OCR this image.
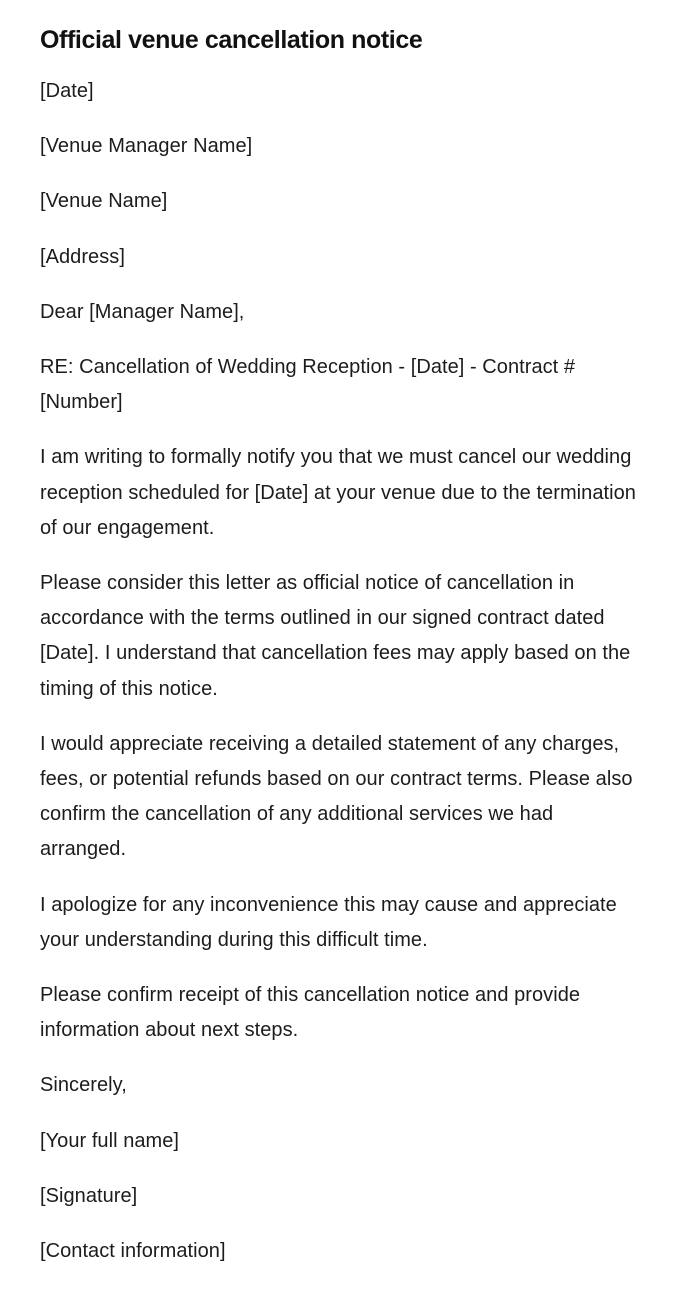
Official venue cancellation notice

[Date]

[Venue Manager Name]

[Venue Name]

[Address]

Dear [Manager Name],

RE: Cancellation of Wedding Reception - [Date] - Contract #[Number]

I am writing to formally notify you that we must cancel our wedding reception scheduled for [Date] at your venue due to the termination of our engagement.

Please consider this letter as official notice of cancellation in accordance with the terms outlined in our signed contract dated [Date]. I understand that cancellation fees may apply based on the timing of this notice.

I would appreciate receiving a detailed statement of any charges, fees, or potential refunds based on our contract terms. Please also confirm the cancellation of any additional services we had arranged.

I apologize for any inconvenience this may cause and appreciate your understanding during this difficult time.

Please confirm receipt of this cancellation notice and provide information about next steps.

Sincerely,

[Your full name]

[Signature]

[Contact information]
